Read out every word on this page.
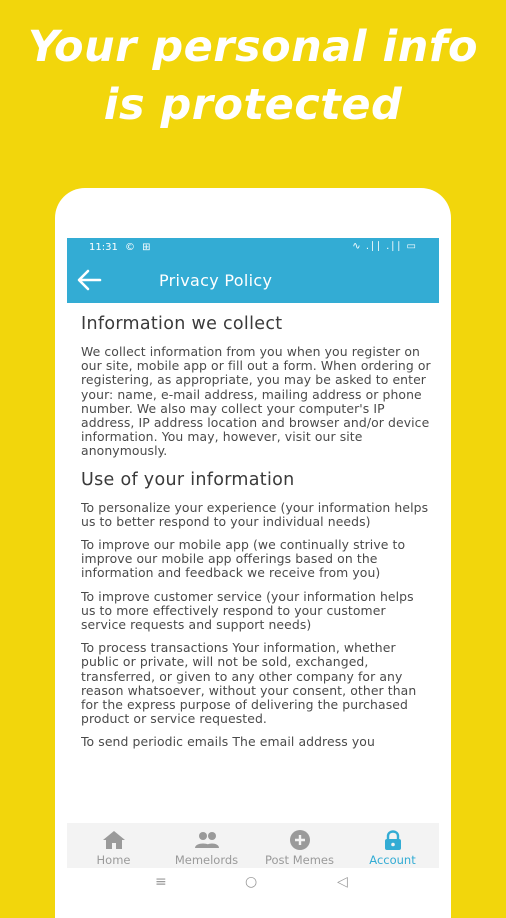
Your personal info
is protected
11:31 © ⊞	∿ .∣∣ .∣∣ ▭
Privacy Policy
Information we collect

We collect information from you when you register on our site, mobile app or fill out a form. When ordering or registering, as appropriate, you may be asked to enter your: name, e-mail address, mailing address or phone number. We also may collect your computer's IP address, IP address location and browser and/or device information. You may, however, visit our site anonymously.

Use of your information

To personalize your experience (your information helps us to better respond to your individual needs)

To improve our mobile app (we continually strive to improve our mobile app offerings based on the information and feedback we receive from you)

To improve customer service (your information helps us to more effectively respond to your customer service requests and support needs)

To process transactions Your information, whether public or private, will not be sold, exchanged, transferred, or given to any other company for any reason whatsoever, without your consent, other than for the express purpose of delivering the purchased product or service requested.

To send periodic emails The email address you

Home	Memelords	Post Memes	Account
≡	○	◁
